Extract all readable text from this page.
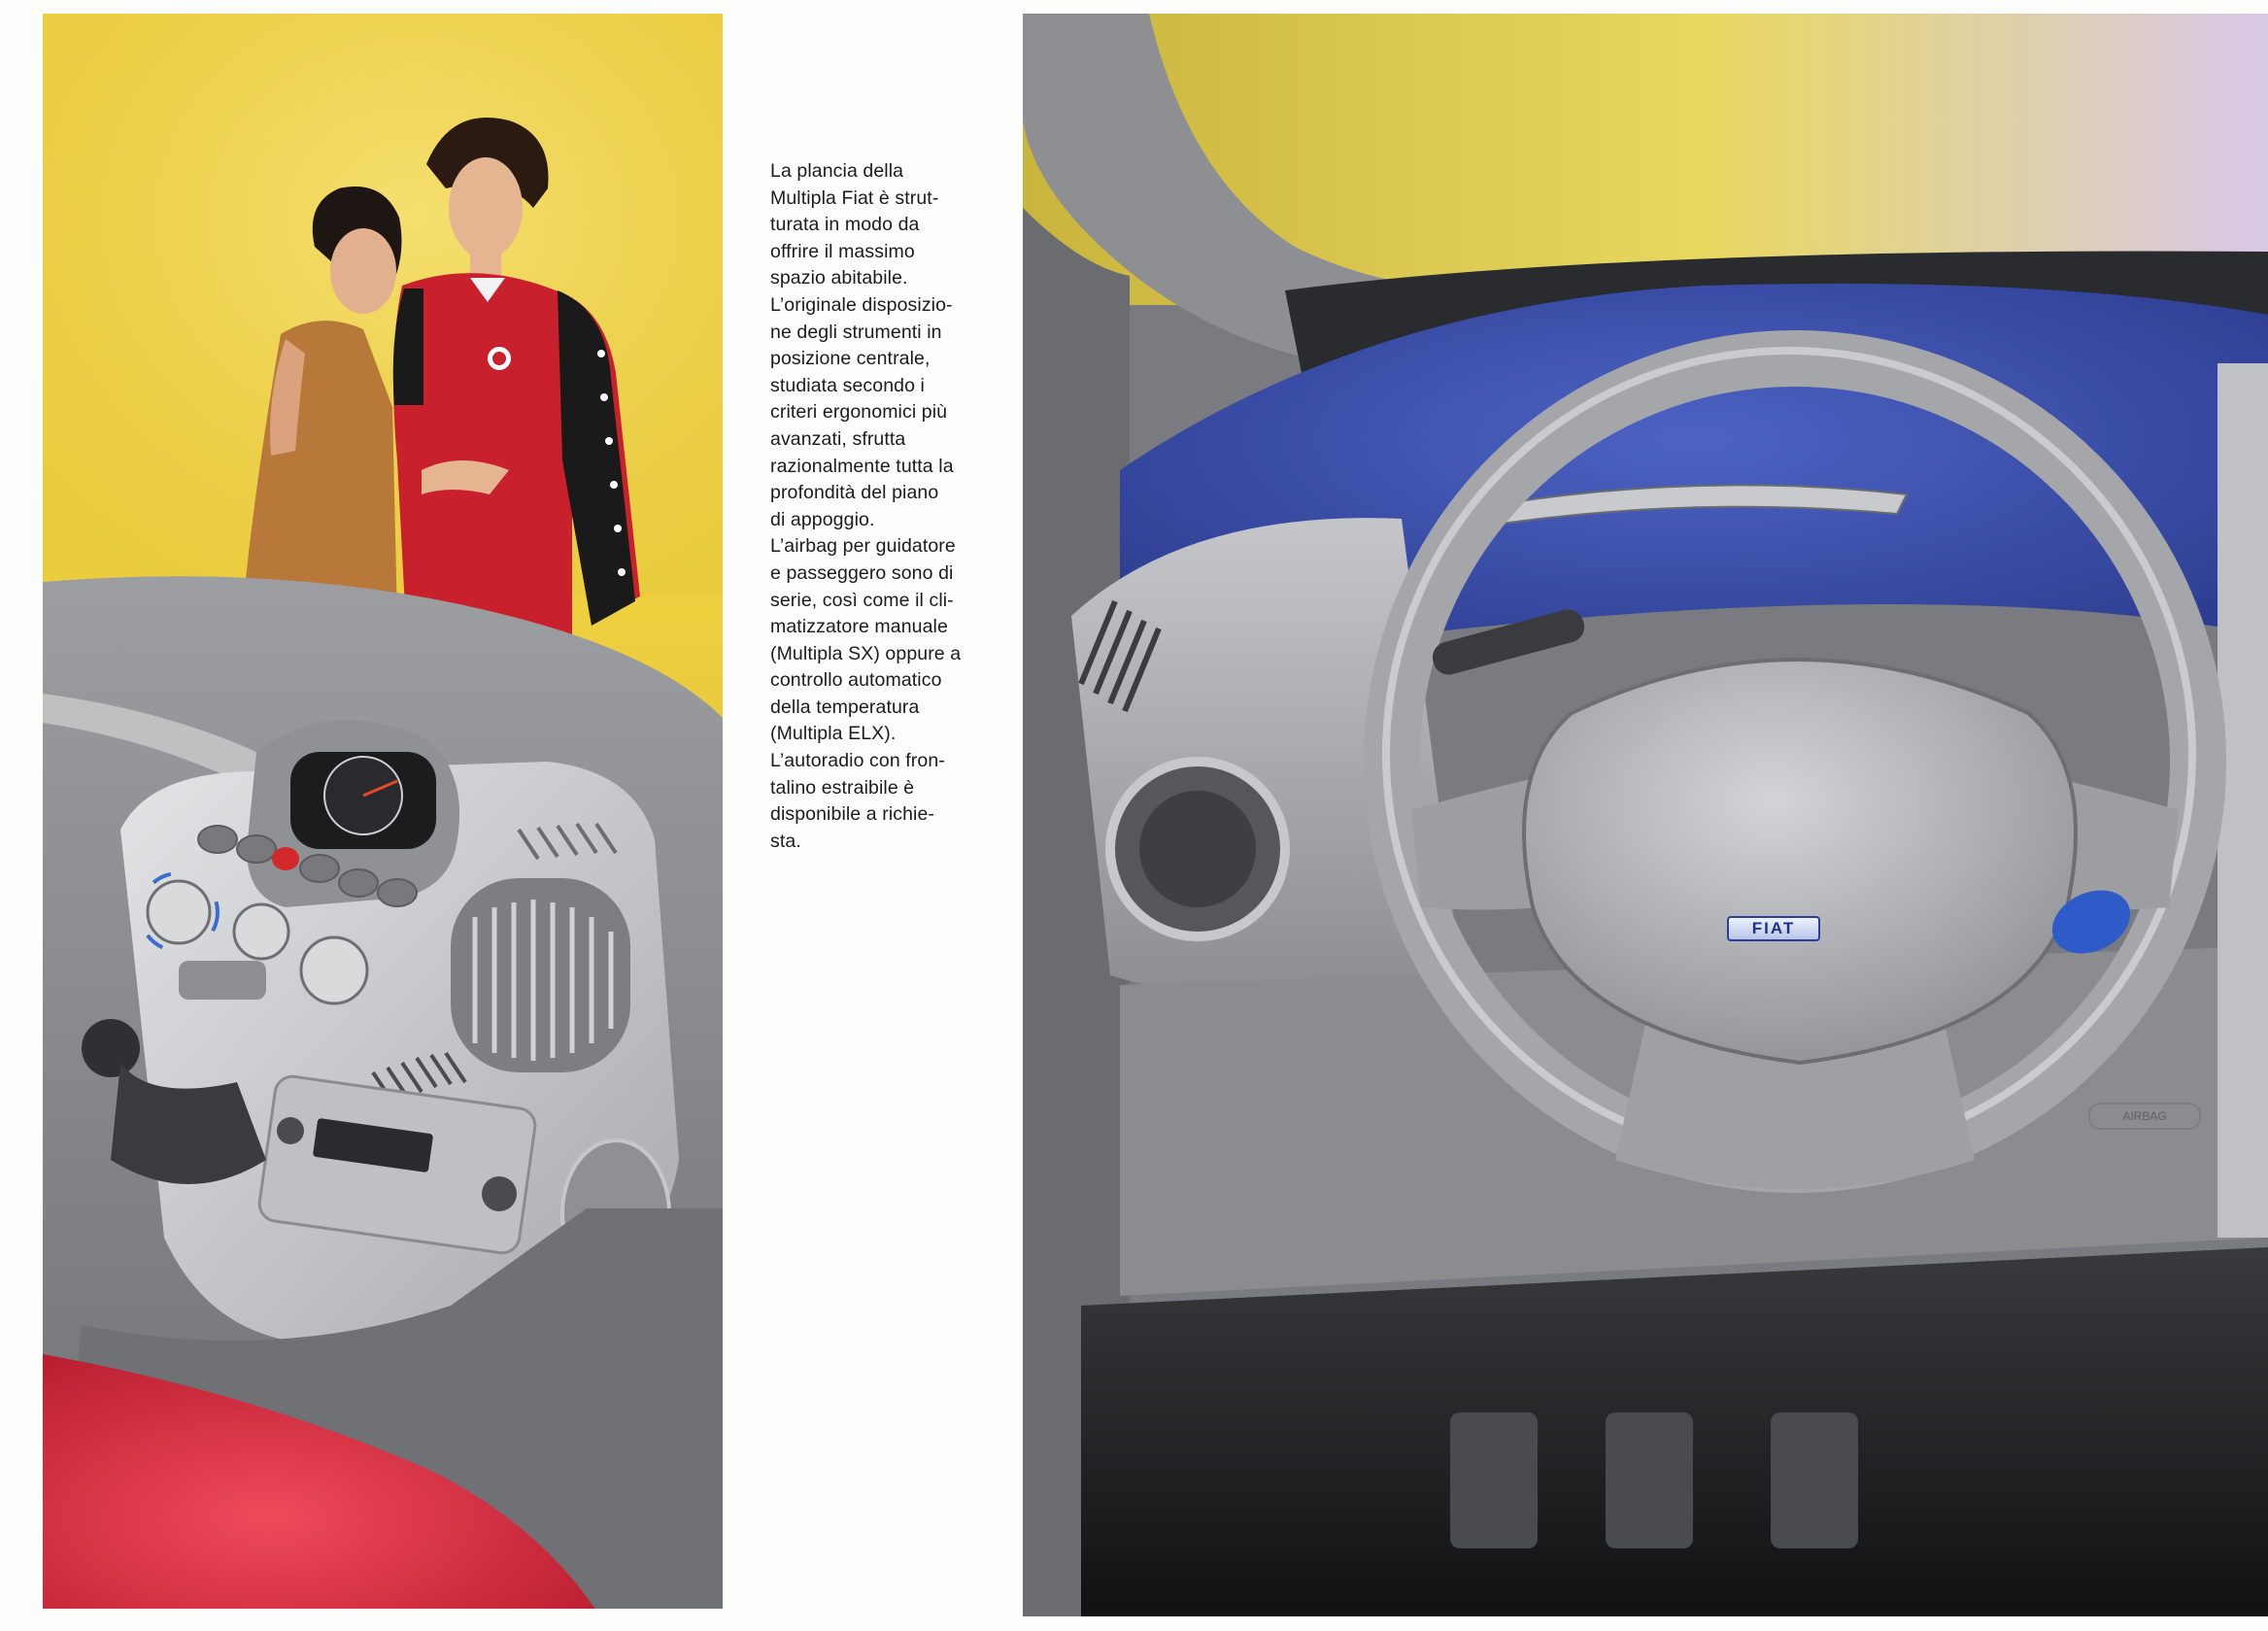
La plancia della
Multipla Fiat è strut-
turata in modo da
offrire il massimo
spazio abitabile.
L’originale disposizio-
ne degli strumenti in
posizione centrale,
studiata secondo i
criteri ergonomici più
avanzati, sfrutta
razionalmente tutta la
profondità del piano
di appoggio.
L’airbag per guidatore
e passeggero sono di
serie, così come il cli-
matizzatore manuale
(Multipla SX) oppure a
controllo automatico
della temperatura
(Multipla ELX).
L’autoradio con fron-
talino estraibile è
disponibile a richie-
sta.
FIAT
AIRBAG
